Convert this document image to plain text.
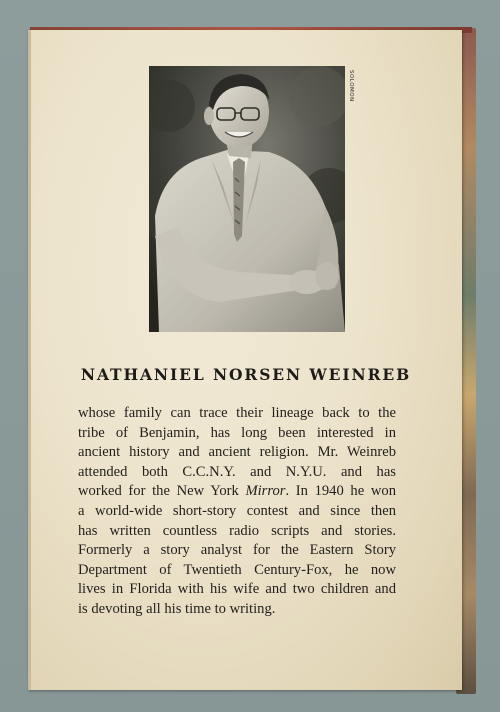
SOLOMON
NATHANIEL NORSEN WEINREB
whose family can trace their lineage back to the
tribe of Benjamin, has long been interested in
ancient history and ancient religion. Mr. Weinreb
attended both C.C.N.Y. and N.Y.U. and has
worked for the New York Mirror. In 1940 he won
a world-wide short-story contest and since then
has written countless radio scripts and stories.
Formerly a story analyst for the Eastern Story
Department of Twentieth Century-Fox, he now
lives in Florida with his wife and two children and
is devoting all his time to writing.
